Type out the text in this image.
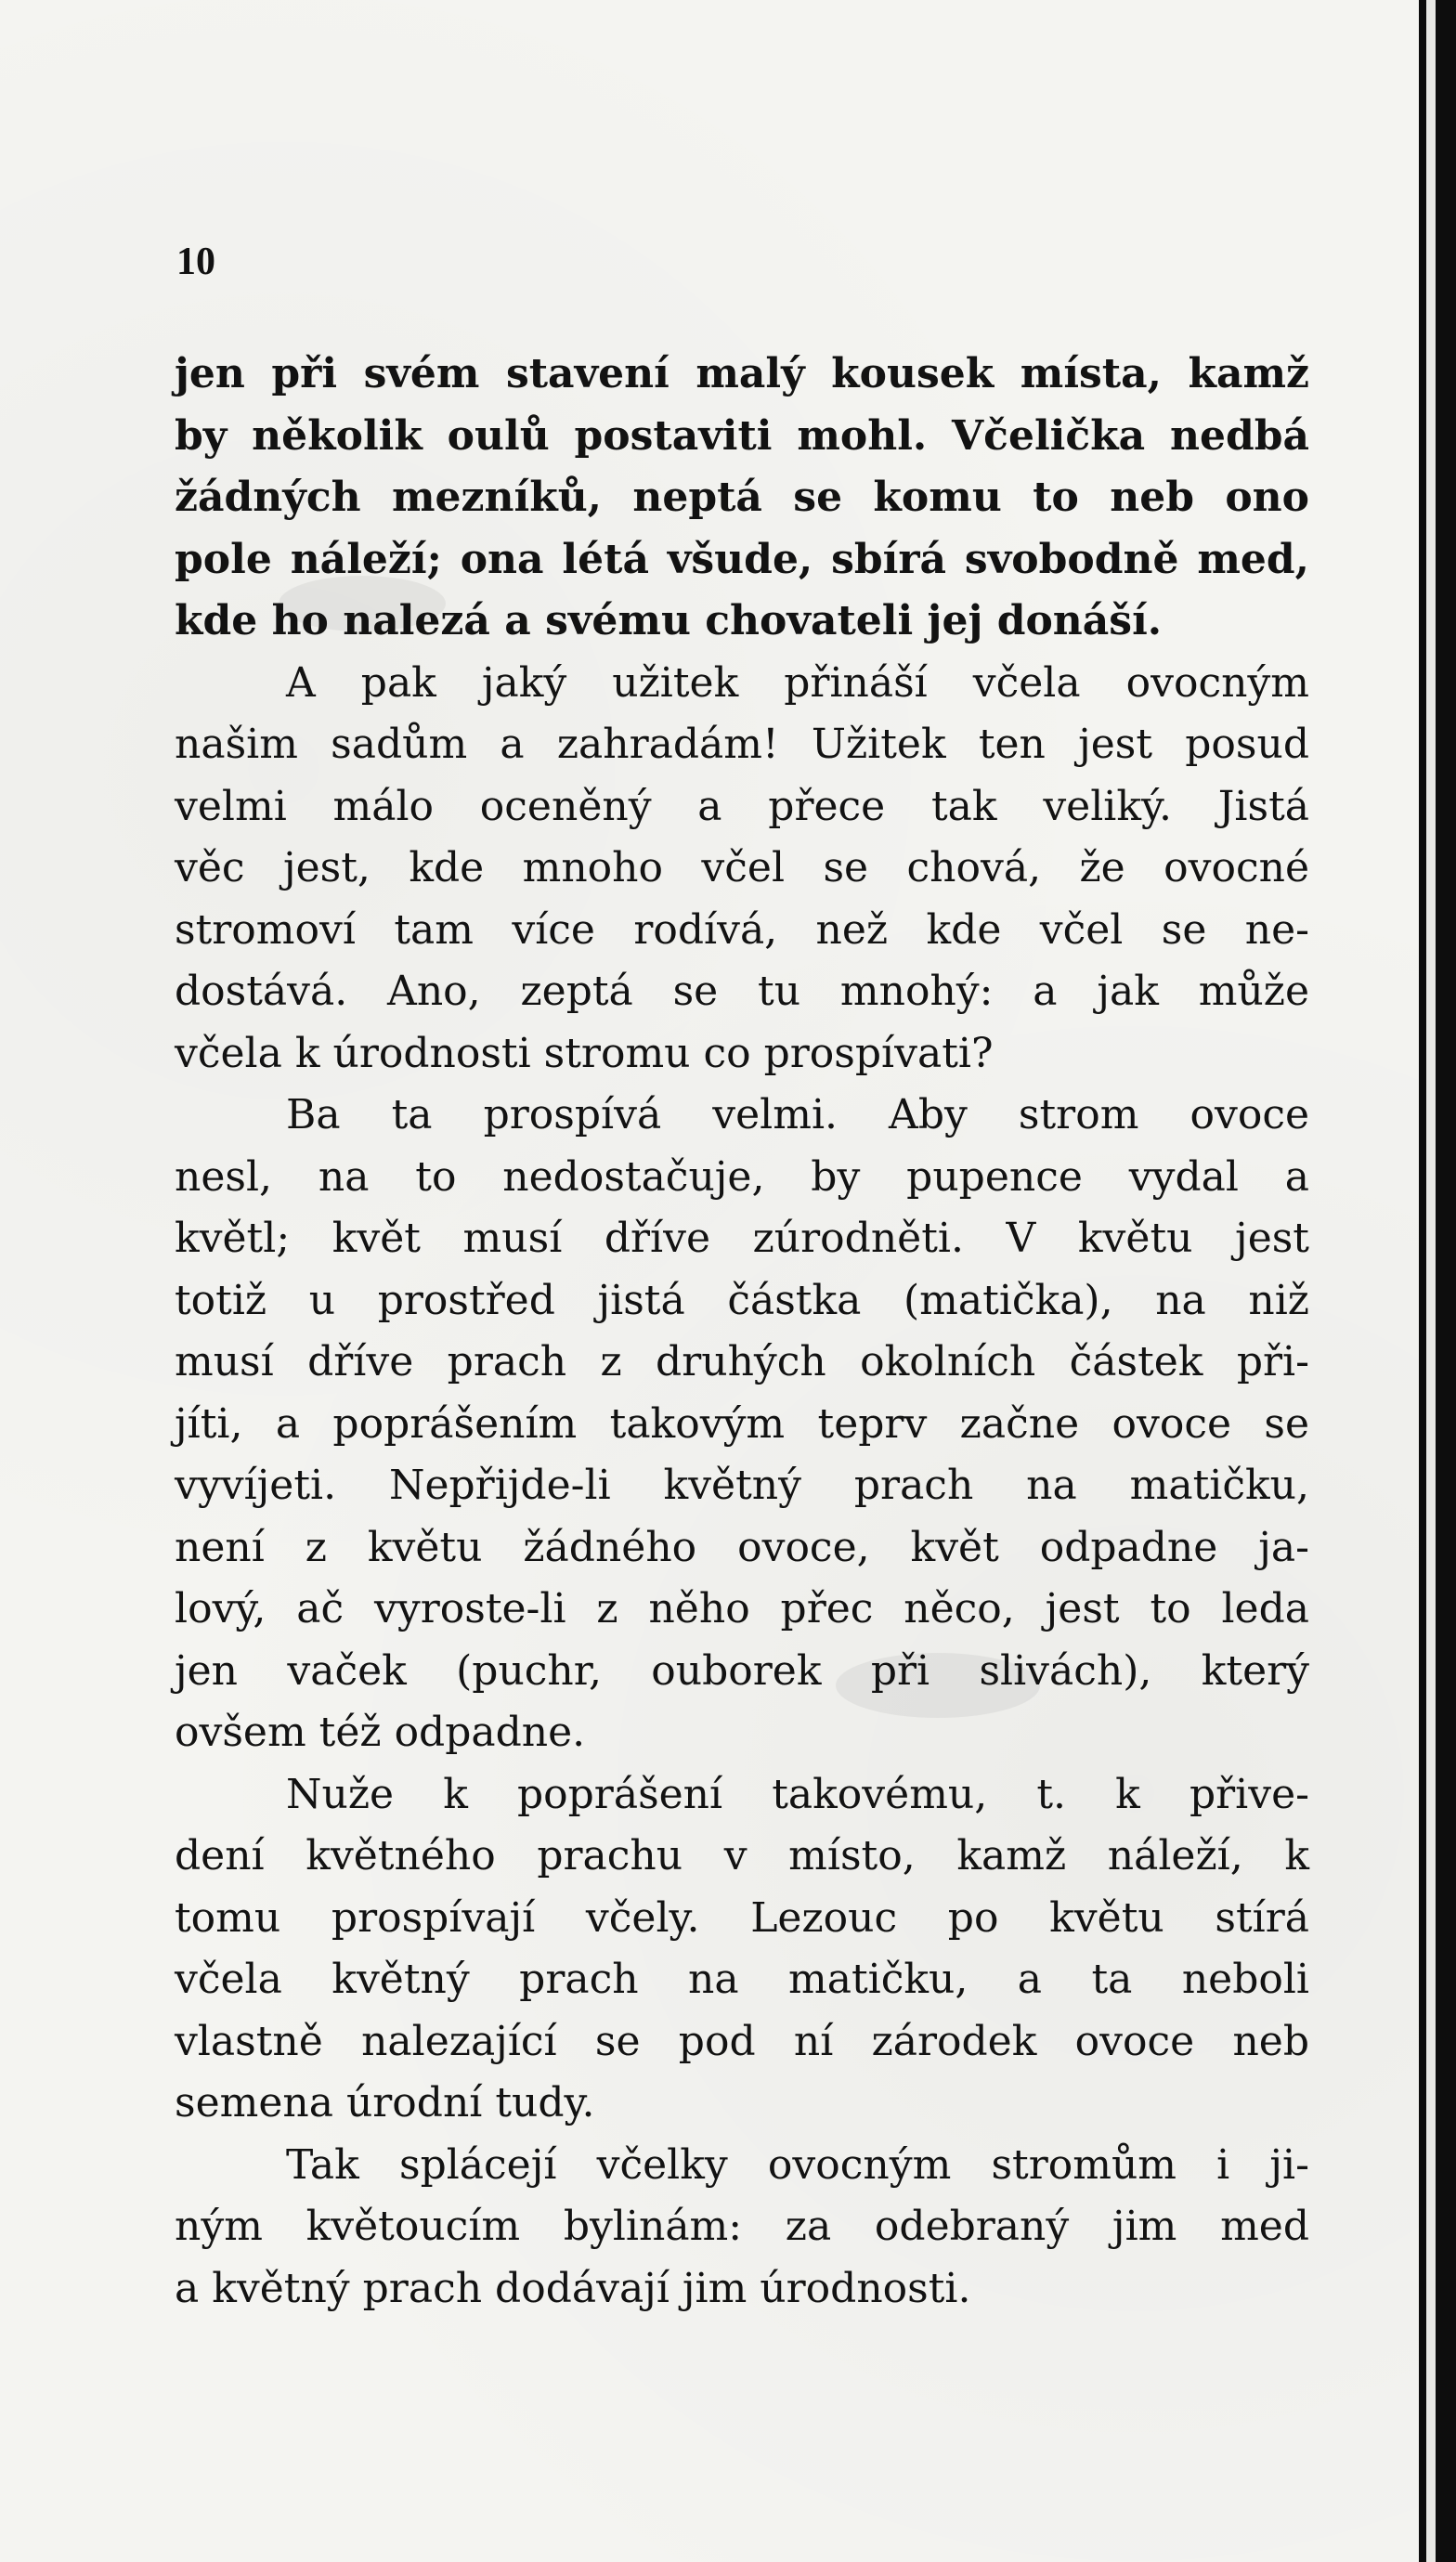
10

jen při svém stavení malý kousek místa, kamž
by několik oulů postaviti mohl. Včelička nedbá
žádných mezníků, neptá se komu to neb ono
pole náleží; ona létá všude, sbírá svobodně med,
kde ho nalezá a svému chovateli jej donáší.

A pak jaký užitek přináší včela ovocným
našim sadům a zahradám! Užitek ten jest posud
velmi málo oceněný a přece tak veliký. Jistá
věc jest, kde mnoho včel se chová, že ovocné
stromoví tam více rodívá, než kde včel se ne-
dostává. Ano, zeptá se tu mnohý: a jak může
včela k úrodnosti stromu co prospívati?

Ba ta prospívá velmi. Aby strom ovoce
nesl, na to nedostačuje, by pupence vydal a
květl; květ musí dříve zúrodněti. V květu jest
totiž u prostřed jistá částka (matička), na niž
musí dříve prach z druhých okolních částek při-
jíti, a poprášením takovým teprv začne ovoce se
vyvíjeti. Nepřijde-li květný prach na matičku,
není z květu žádného ovoce, květ odpadne ja-
lový, ač vyroste-li z něho přec něco, jest to leda
jen vaček (puchr, ouborek při slivách), který
ovšem též odpadne.

Nuže k poprášení takovému, t. k přive-
dení květného prachu v místo, kamž náleží, k
tomu prospívají včely. Lezouc po květu stírá
včela květný prach na matičku, a ta neboli
vlastně nalezající se pod ní zárodek ovoce neb
semena úrodní tudy.

Tak splácejí včelky ovocným stromům i ji-
ným květoucím bylinám: za odebraný jim med
a květný prach dodávají jim úrodnosti.
